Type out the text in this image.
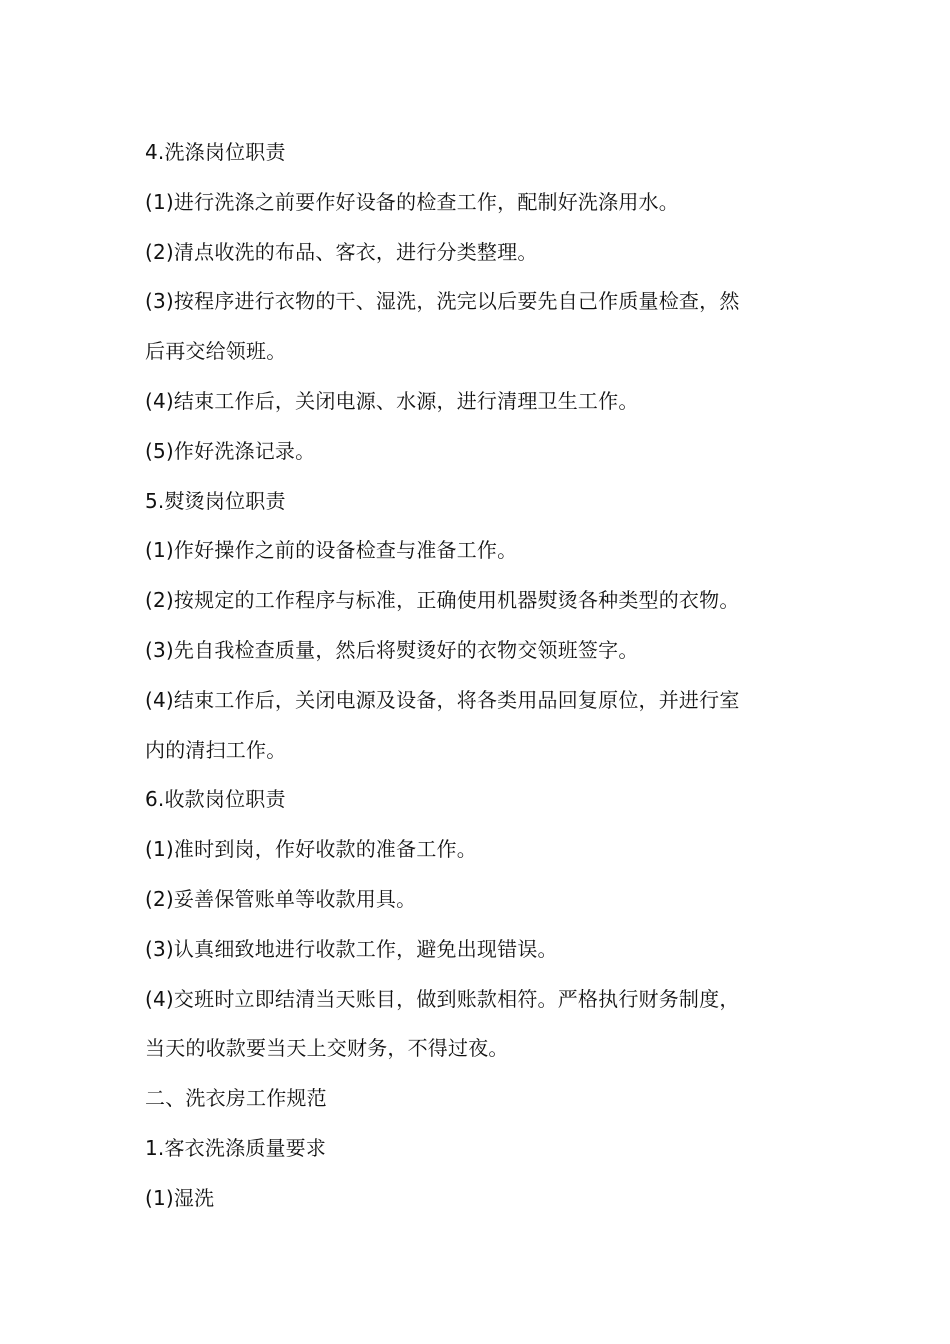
4.洗涤岗位职责
(1)进行洗涤之前要作好设备的检查工作，配制好洗涤用水。
(2)清点收洗的布品、客衣，进行分类整理。
(3)按程序进行衣物的干、湿洗，洗完以后要先自己作质量检查，然
后再交给领班。
(4)结束工作后，关闭电源、水源，进行清理卫生工作。
(5)作好洗涤记录。
5.熨烫岗位职责
(1)作好操作之前的设备检查与准备工作。
(2)按规定的工作程序与标准，正确使用机器熨烫各种类型的衣物。
(3)先自我检查质量，然后将熨烫好的衣物交领班签字。
(4)结束工作后，关闭电源及设备，将各类用品回复原位，并进行室
内的清扫工作。
6.收款岗位职责
(1)准时到岗，作好收款的准备工作。
(2)妥善保管账单等收款用具。
(3)认真细致地进行收款工作，避免出现错误。
(4)交班时立即结清当天账目，做到账款相符。严格执行财务制度，
当天的收款要当天上交财务，不得过夜。
二、洗衣房工作规范
1.客衣洗涤质量要求
(1)湿洗
